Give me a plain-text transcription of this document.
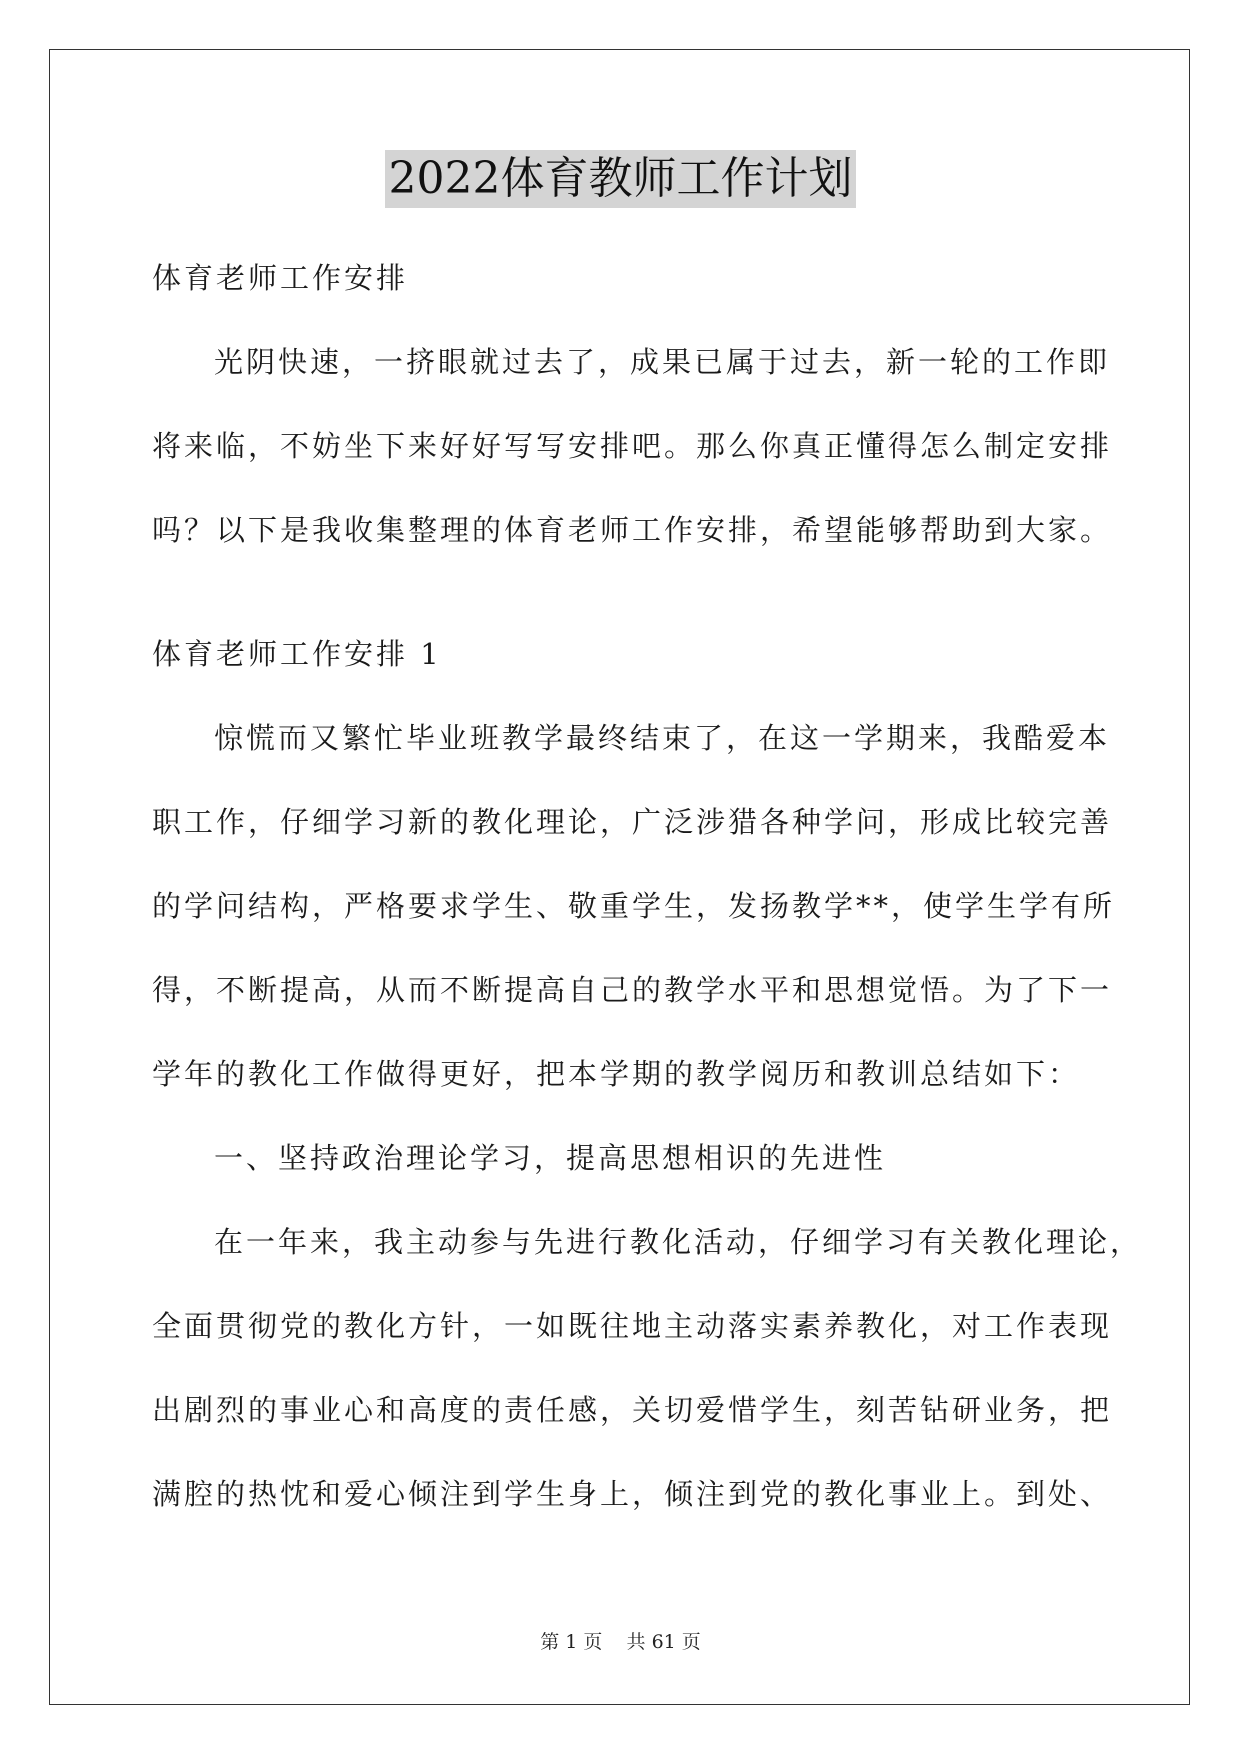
2022体育教师工作计划
体育老师工作安排
光阴快速，一挤眼就过去了，成果已属于过去，新一轮的工作即
将来临，不妨坐下来好好写写安排吧。那么你真正懂得怎么制定安排
吗？以下是我收集整理的体育老师工作安排，希望能够帮助到大家。
体育老师工作安排 1
惊慌而又繁忙毕业班教学最终结束了，在这一学期来，我酷爱本
职工作，仔细学习新的教化理论，广泛涉猎各种学问，形成比较完善
的学问结构，严格要求学生、敬重学生，发扬教学**，使学生学有所
得，不断提高，从而不断提高自己的教学水平和思想觉悟。为了下一
学年的教化工作做得更好，把本学期的教学阅历和教训总结如下：
一、坚持政治理论学习，提高思想相识的先进性
在一年来，我主动参与先进行教化活动，仔细学习有关教化理论，
全面贯彻党的教化方针，一如既往地主动落实素养教化，对工作表现
出剧烈的事业心和高度的责任感，关切爱惜学生，刻苦钻研业务，把
满腔的热忱和爱心倾注到学生身上，倾注到党的教化事业上。到处、
第 1 页    共 61 页
